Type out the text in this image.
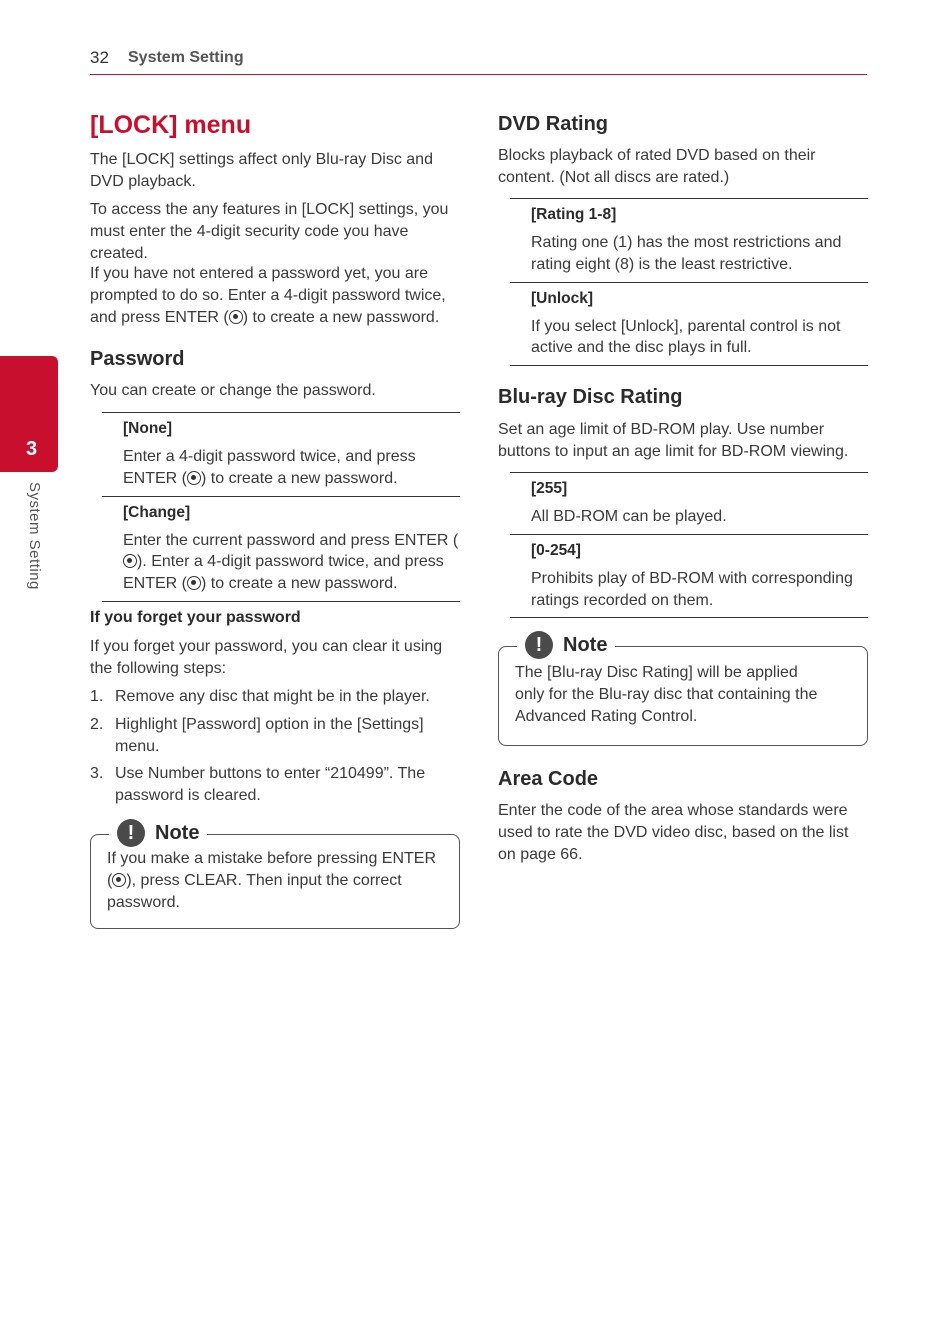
32 System Setting
3
System Setting
[LOCK] menu

The [LOCK] settings affect only Blu-ray Disc and DVD playback.

To access the any features in [LOCK] settings, you must enter the 4-digit security code you have created.

If you have not entered a password yet, you are prompted to do so. Enter a 4-digit password twice, and press ENTER ( ) to create a new password.

Password

You can create or change the password.

[None]
Enter a 4-digit password twice, and press ENTER ( ) to create a new password.
[Change]
Enter the current password and press ENTER (). Enter a 4-digit password twice, and press ENTER ( ) to create a new password.
If you forget your password

If you forget your password, you can clear it using the following steps:

1. Remove any disc that might be in the player.
2. Highlight [Password] option in the [Settings] menu.
3. Use Number buttons to enter “210499”. The password is cleared.
!	Note
If you make a mistake before pressing ENTER ( ), press CLEAR. Then input the correct password.
DVD Rating

Blocks playback of rated DVD based on their content. (Not all discs are rated.)

[Rating 1-8]
Rating one (1) has the most restrictions and rating eight (8) is the least restrictive.
[Unlock]
If you select [Unlock], parental control is not active and the disc plays in full.
Blu-ray Disc Rating

Set an age limit of BD-ROM play. Use number buttons to input an age limit for BD-ROM viewing.

[255]
All BD-ROM can be played.
[0-254]
Prohibits play of BD-ROM with corresponding ratings recorded on them.
!	Note
The [Blu-ray Disc Rating] will be applied only for the Blu-ray disc that containing the Advanced Rating Control.
Area Code

Enter the code of the area whose standards were used to rate the DVD video disc, based on the list on page 66.
